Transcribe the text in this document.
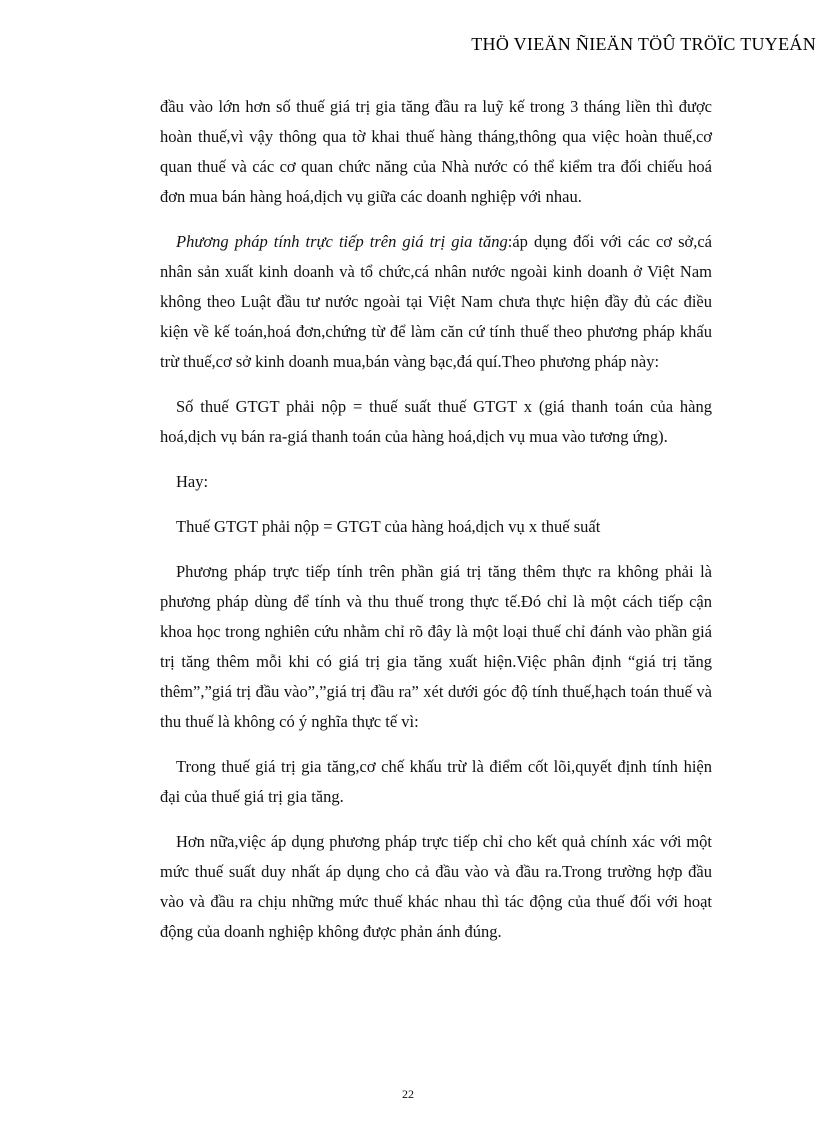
THÖ VIEÄN ÑIEÄN TÖÛ TRÖÏC TUYEÁN

đầu vào lớn hơn số thuế giá trị gia tăng đầu ra luỹ kế trong 3 tháng liền thì được hoàn thuế,vì vậy thông qua tờ khai thuế hàng tháng,thông qua việc hoàn thuế,cơ quan thuế và các cơ quan chức năng của Nhà nước có thể kiểm tra đối chiếu hoá đơn mua bán hàng hoá,dịch vụ giữa các doanh nghiệp với nhau.

Phương pháp tính trực tiếp trên giá trị gia tăng:áp dụng đối với các cơ sở,cá nhân sản xuất kinh doanh và tổ chức,cá nhân nước ngoài kinh doanh ở Việt Nam không theo Luật đầu tư nước ngoài tại Việt Nam chưa thực hiện đầy đủ các điều kiện về kế toán,hoá đơn,chứng từ để làm căn cứ tính thuế theo phương pháp khấu trừ thuế,cơ sở kinh doanh mua,bán vàng bạc,đá quí.Theo phương pháp này:

Số thuế GTGT phải nộp = thuế suất thuế GTGT x (giá thanh toán của hàng hoá,dịch vụ bán ra-giá thanh toán của hàng hoá,dịch vụ mua vào tương ứng).

Hay:

Thuế GTGT phải nộp = GTGT của hàng hoá,dịch vụ x thuế suất

Phương pháp trực tiếp tính trên phần giá trị tăng thêm thực ra không phải là phương pháp dùng để tính và thu thuế trong thực tế.Đó chỉ là một cách tiếp cận khoa học trong nghiên cứu nhằm chỉ rõ đây là một loại thuế chỉ đánh vào phần giá trị tăng thêm mỗi khi có giá trị gia tăng xuất hiện.Việc phân định “giá trị tăng thêm”,”giá trị đầu vào”,”giá trị đầu ra” xét dưới góc độ tính thuế,hạch toán thuế và thu thuế là không có ý nghĩa thực tế vì:

Trong thuế giá trị gia tăng,cơ chế khấu trừ là điểm cốt lõi,quyết định tính hiện đại của thuế giá trị gia tăng.

Hơn nữa,việc áp dụng phương pháp trực tiếp chỉ cho kết quả chính xác với một mức thuế suất duy nhất áp dụng cho cả đầu vào và đầu ra.Trong trường hợp đầu vào và đầu ra chịu những mức thuế khác nhau thì tác động của thuế đối với hoạt động của doanh nghiệp không được phản ánh đúng.

22
